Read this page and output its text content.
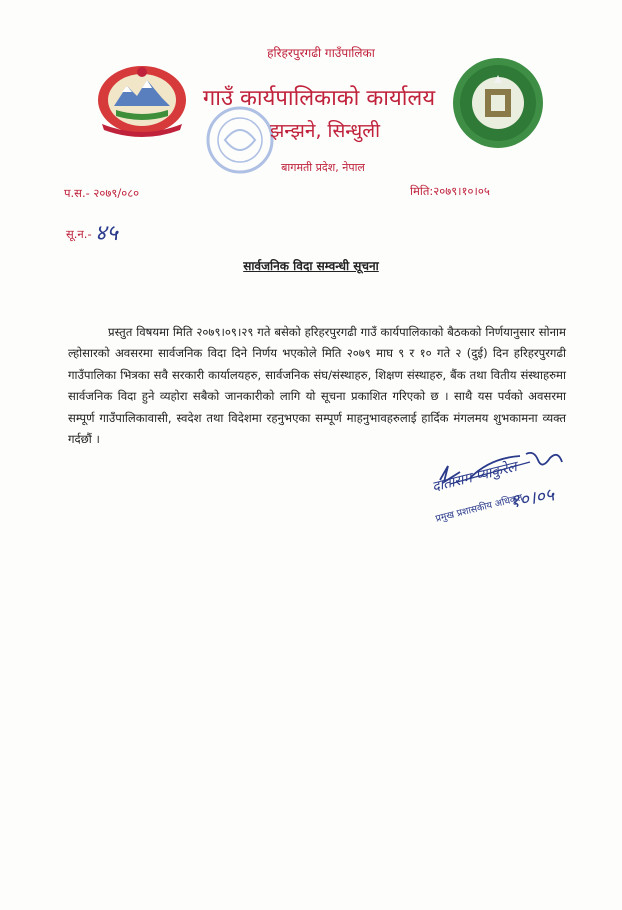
हरिहरपुरगढी गाउँपालिका
गाउँ कार्यपालिकाको कार्यालय
झन्झने, सिन्धुली
बागमती प्रदेश, नेपाल
प.स.- २०७९/०८०	मिति:२०७९।१०।०५
सू.न.- ४५
सार्वजनिक विदा सम्वन्धी सूचना

प्रस्तुत विषयमा मिति २०७९।०९।२९ गते बसेको हरिहरपुरगढी गाउँ कार्यपालिकाको बैठकको निर्णयानुसार सोनाम ल्होसारको अवसरमा सार्वजनिक विदा दिने निर्णय भएकोले मिति २०७९ माघ ९ र १० गते २ (दुई) दिन हरिहरपुरगढी गाउँपालिका भित्रका सवै सरकारी कार्यालयहरु, सार्वजनिक संघ/संस्थाहरु, शिक्षण संस्थाहरु, बैंक तथा वितीय संस्थाहरुमा सार्वजनिक विदा हुने व्यहोरा सबैको जानकारीको लागि यो सूचना प्रकाशित गरिएको छ । साथै यस पर्वको अवसरमा सम्पूर्ण गाउँपालिकावासी, स्वदेश तथा विदेशमा रहनुभएका सम्पूर्ण माहनुभावहरुलाई हार्दिक मंगलमय शुभकामना व्यक्त गर्दछौं ।

दाताराम प्याकुरेल
प्रमुख प्रशासकीय अधिकृत
१०।०५
